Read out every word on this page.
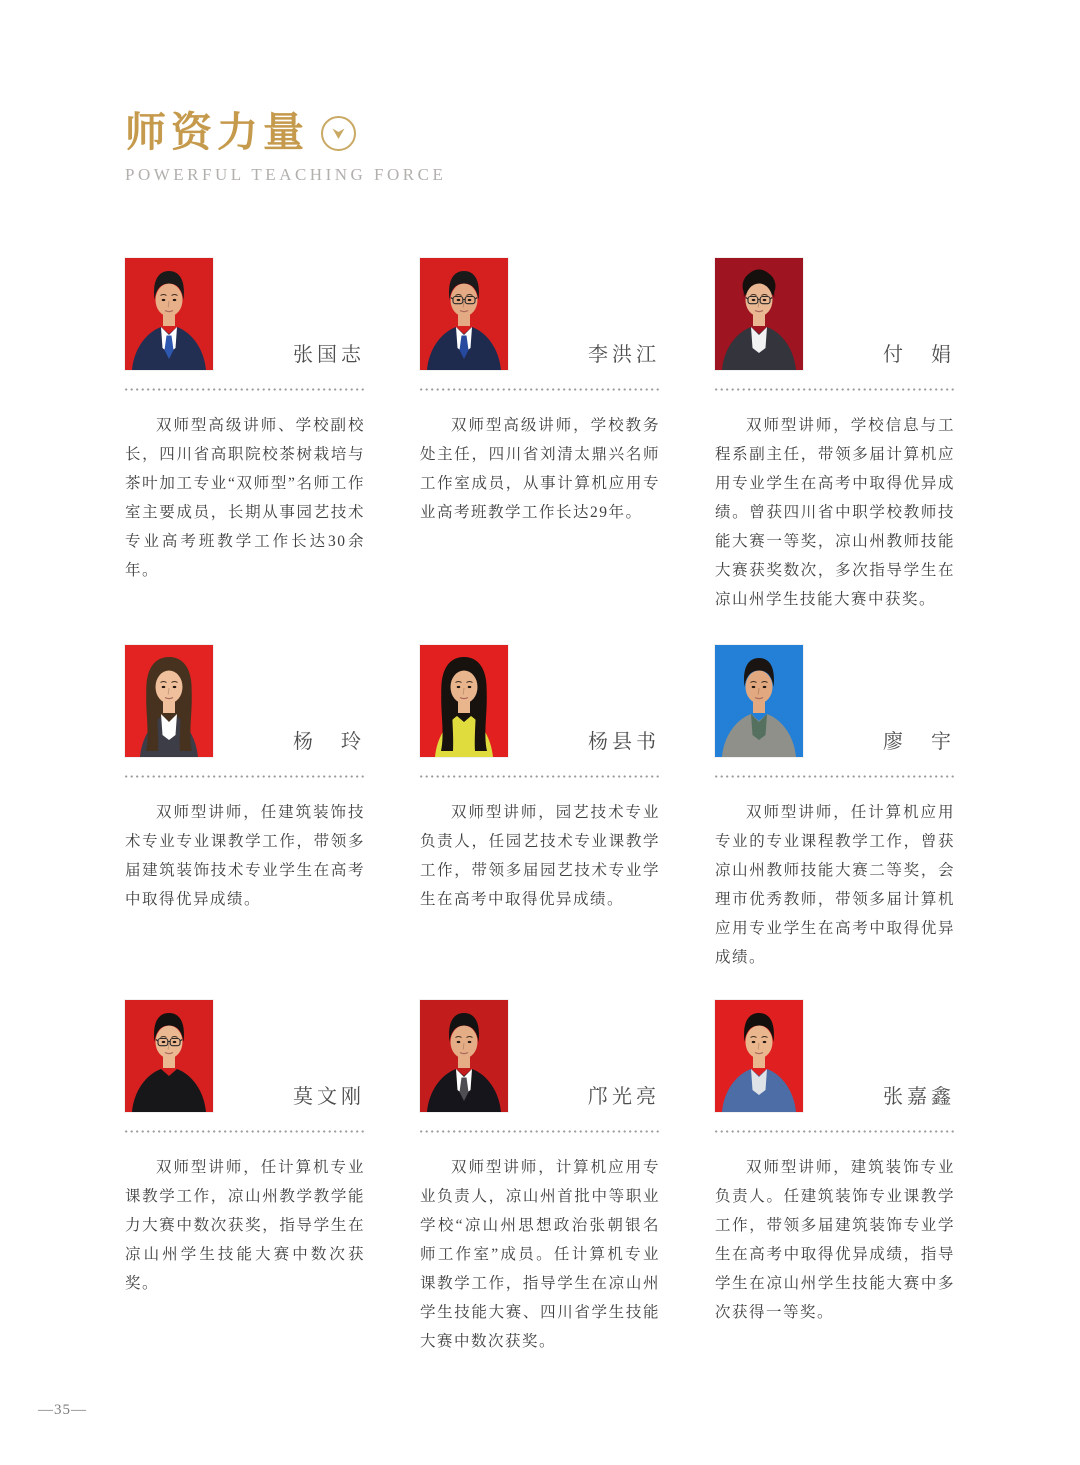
师资力量
POWERFUL TEACHING FORCE
张国志

双师型高级讲师、学校副校长，四川省高职院校茶树栽培与茶叶加工专业“双师型”名师工作室主要成员，长期从事园艺技术专业高考班教学工作长达30余年。

李洪江

双师型高级讲师，学校教务处主任，四川省刘清太鼎兴名师工作室成员，从事计算机应用专业高考班教学工作长达29年。

付　娟

双师型讲师，学校信息与工程系副主任，带领多届计算机应用专业学生在高考中取得优异成绩。曾获四川省中职学校教师技能大赛一等奖，凉山州教师技能大赛获奖数次，多次指导学生在凉山州学生技能大赛中获奖。

杨　玲

双师型讲师，任建筑装饰技术专业专业课教学工作，带领多届建筑装饰技术专业学生在高考中取得优异成绩。

杨县书

双师型讲师，园艺技术专业负责人，任园艺技术专业课教学工作，带领多届园艺技术专业学生在高考中取得优异成绩。

廖　宇

双师型讲师，任计算机应用专业的专业课程教学工作，曾获凉山州教师技能大赛二等奖，会理市优秀教师，带领多届计算机应用专业学生在高考中取得优异成绩。

莫文刚

双师型讲师，任计算机专业课教学工作，凉山州教学教学能力大赛中数次获奖，指导学生在凉山州学生技能大赛中数次获奖。

邝光亮

双师型讲师，计算机应用专业负责人，凉山州首批中等职业学校“凉山州思想政治张朝银名师工作室”成员。任计算机专业课教学工作，指导学生在凉山州学生技能大赛、四川省学生技能大赛中数次获奖。

张嘉鑫

双师型讲师，建筑装饰专业负责人。任建筑装饰专业课教学工作，带领多届建筑装饰专业学生在高考中取得优异成绩，指导学生在凉山州学生技能大赛中多次获得一等奖。

—35—
